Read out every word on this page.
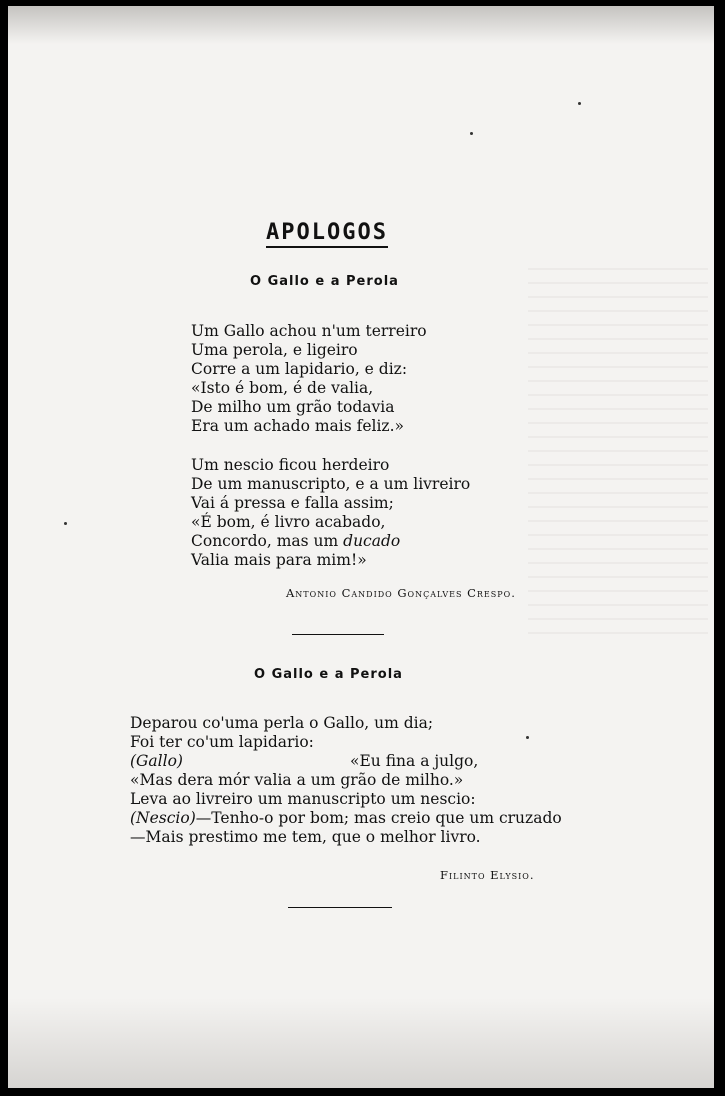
APOLOGOS
O Gallo e a Perola
Um Gallo achou n'um terreiro
Uma perola, e ligeiro
Corre a um lapidario, e diz:
«Isto é bom, é de valia,
De milho um grão todavia
Era um achado mais feliz.»
Um nescio ficou herdeiro
De um manuscripto, e a um livreiro
Vai á pressa e falla assim;
«É bom, é livro acabado,
Concordo, mas um ducado
Valia mais para mim!»
Antonio Candido Gonçalves Crespo.
O Gallo e a Perola
Deparou co'uma perla o Gallo, um dia;
Foi ter co'um lapidario:
(Gallo)	«Eu fina a julgo,
«Mas dera mór valia a um grão de milho.»
Leva ao livreiro um manuscripto um nescio:
(Nescio)—Tenho-o por bom; mas creio que um cruzado
—Mais prestimo me tem, que o melhor livro.
Filinto Elysio.
